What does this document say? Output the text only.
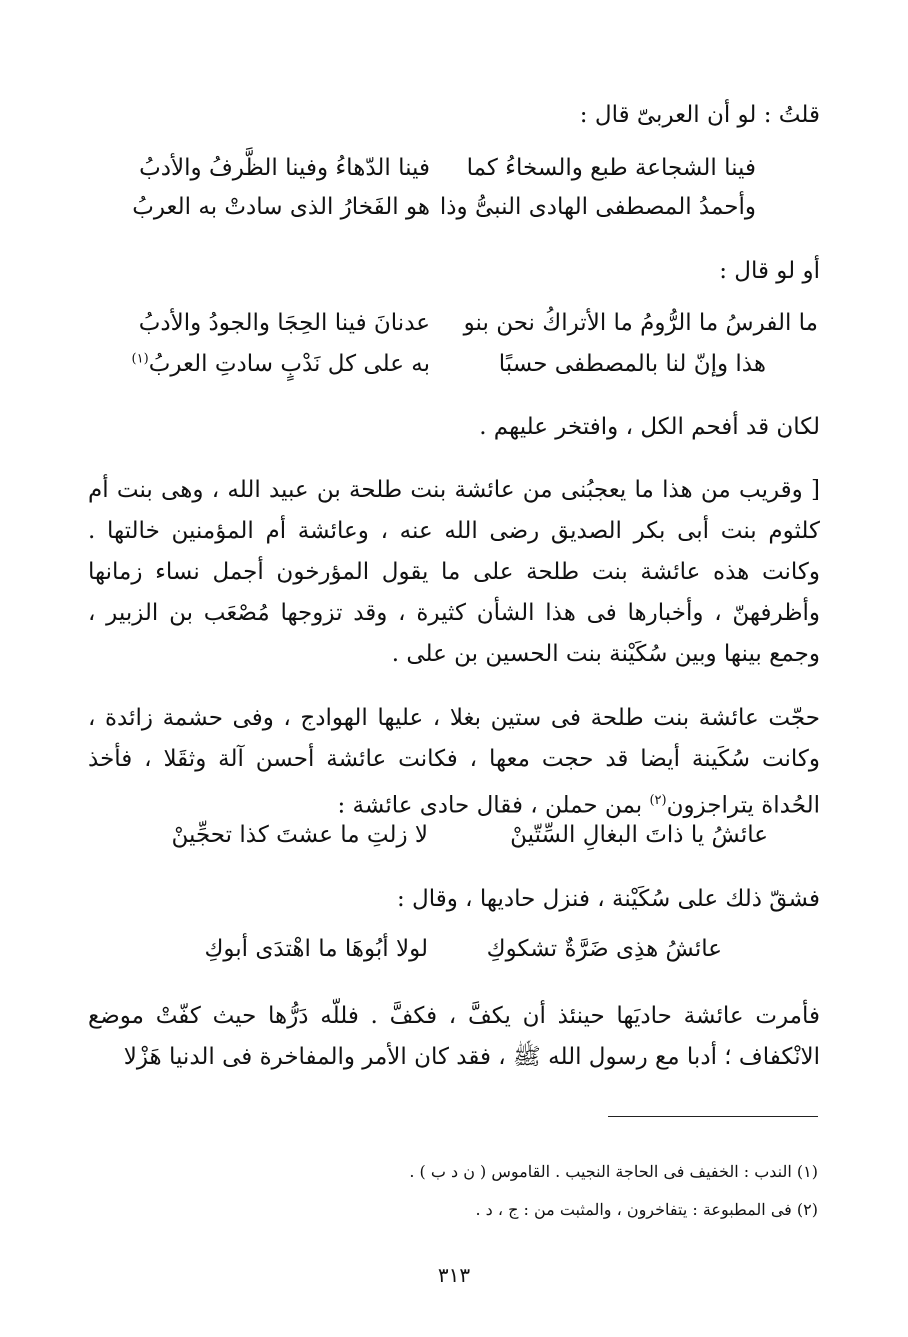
قلتُ : لو أن العربىّ قال :
فينا الشجاعة طبع والسخاءُ كما
فينا الدّهاءُ وفينا الظَّرفُ والأدبُ
وأحمدُ المصطفى الهادى النبىُّ وذا
هو الفَخارُ الذى سادتْ به العربُ
أو لو قال :
ما الفرسُ ما الرُّومُ ما الأتراكُ نحن بنو
عدنانَ فينا الحِجَا والجودُ والأدبُ
هذا وإنّ لنا بالمصطفى حسبًا
به على كل نَدْبٍ سادتِ العربُ$^{(١)}$
لكان قد أفحم الكل ، وافتخر عليهم .
[ وقريب من هذا ما يعجبُنى من عائشة بنت طلحة بن عبيد الله ، وهى بنت أم كلثوم بنت أبى بكر الصديق رضى الله عنه ، وعائشة أم المؤمنين خالتها . وكانت هذه عائشة بنت طلحة على ما يقول المؤرخون أجمل نساء زمانها وأظرفهنّ ، وأخبارها فى هذا الشأن كثيرة ، وقد تزوجها مُصْعَب بن الزبير ، وجمع بينها وبين سُكَيْنة بنت الحسين بن على .
حجّت عائشة بنت طلحة فى ستين بغلا ، عليها الهوادج ، وفى حشمة زائدة ، وكانت سُكَينة أيضا قد حجت معها ، فكانت عائشة أحسن آلة وثقَلا ، فأخذ الحُداة يتراجزون$^{(٢)}$ بمن حملن ، فقال حادى عائشة :
عائشُ يا ذاتَ البغالِ السِّتّينْ
لا زلتِ ما عشتَ كذا تحجِّينْ
فشقّ ذلك على سُكَيْنة ، فنزل حاديها ، وقال :
عائشُ هذِى ضَرَّةٌ تشكوكِ
لولا أبُوهَا ما اهْتدَى أبوكِ
فأمرت عائشة حاديَها حينئذ أن يكفَّ ، فكفَّ . فللّه دَرُّها حيث كفّتْ موضع الانْكفاف ؛ أدبا مع رسول الله ﷺ ، فقد كان الأمر والمفاخرة فى الدنيا هَزْلا
(١) الندب : الخفيف فى الحاجة النجيب . القاموس ( ن د ب ) .
(٢) فى المطبوعة : يتفاخرون ، والمثبت من : ج ، د .
٣١٣
